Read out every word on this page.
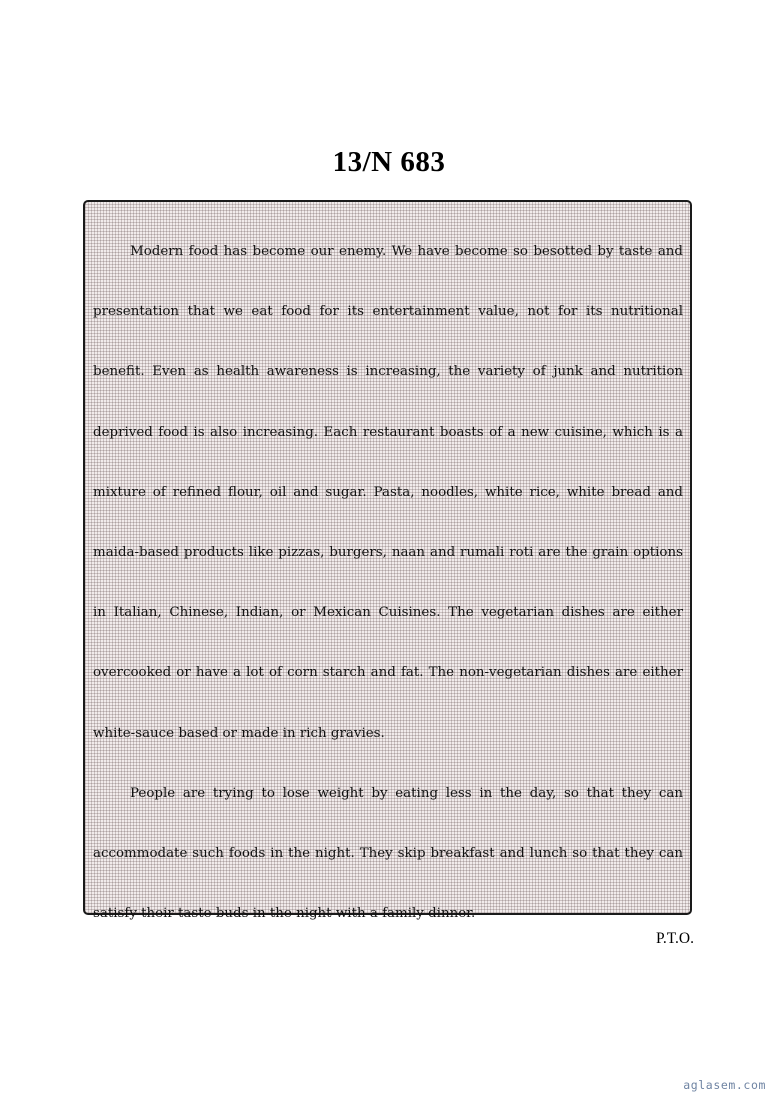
13/N 683

Modern food has become our enemy. We have become so besotted by taste and presentation that we eat food for its entertainment value, not for its nutritional benefit. Even as health awareness is increasing, the variety of junk and nutrition deprived food is also increasing. Each restaurant boasts of a new cuisine, which is a mixture of refined flour, oil and sugar. Pasta, noodles, white rice, white bread and maida-based products like pizzas, burgers, naan and rumali roti are the grain options in Italian, Chinese, Indian, or Mexican Cuisines. The vegetarian dishes are either overcooked or have a lot of corn starch and fat. The non-vegetarian dishes are either white-sauce based or made in rich gravies.

People are trying to lose weight by eating less in the day, so that they can accommodate such foods in the night. They skip breakfast and lunch so that they can satisfy their taste buds in the night with a family dinner.

P.T.O.
aglasem.com
